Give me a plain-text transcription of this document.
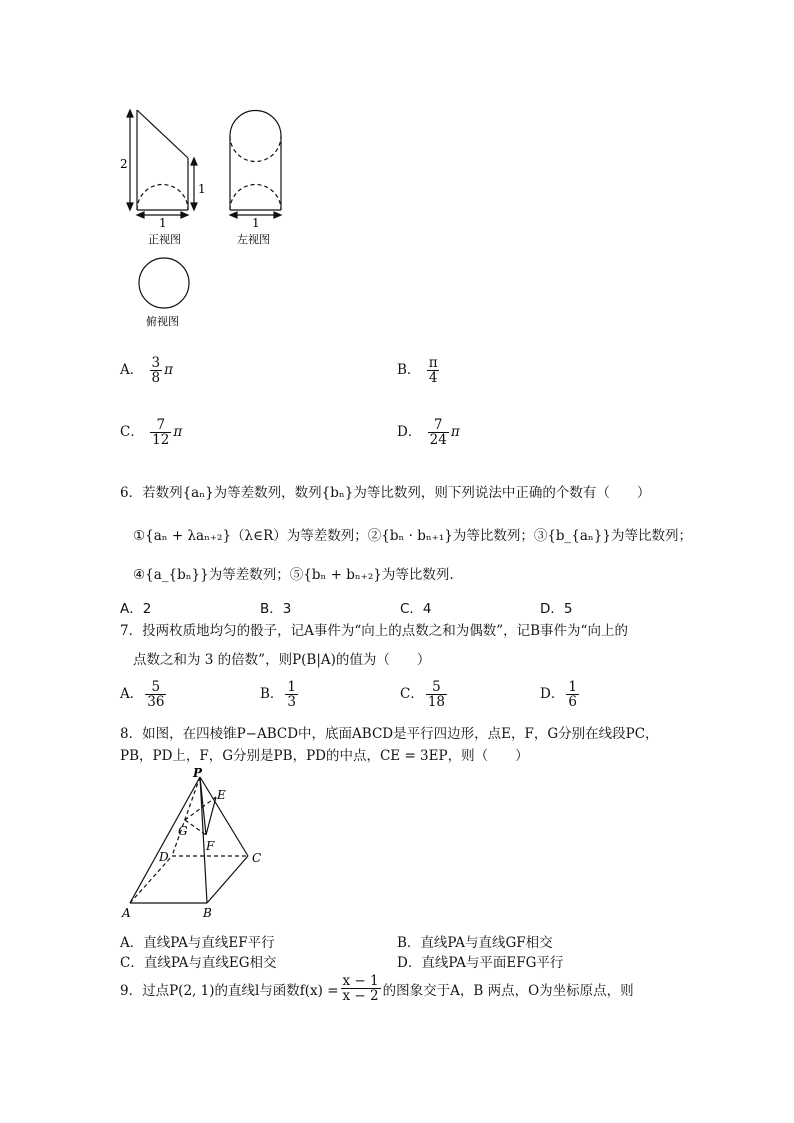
2
1
1
正视图
1
左视图
俯视图
A． $\frac{3}{8}$ π	B． $\frac{\pi}{4}$
C． $\frac{7}{12}$ π	D． $\frac{7}{24}$ π
6．若数列{aₙ}为等差数列，数列{bₙ}为等比数列，则下列说法中正确的个数有（　　）
①{aₙ + λaₙ₊₂}（λ∈R）为等差数列；②{bₙ · bₙ₊₁}为等比数列；③{b_{aₙ}}为等比数列；
④{a_{bₙ}}为等差数列；⑤{bₙ + bₙ₊₂}为等比数列.
A．2	B．3	C．4	D．5
7．投两枚质地均匀的骰子，记A事件为“向上的点数之和为偶数”，记B事件为“向上的
点数之和为 3 的倍数”，则P(B|A)的值为（　　）
A． $\frac{5}{36}$	B． $\frac{1}{3}$	C． $\frac{5}{18}$	D． $\frac{1}{6}$
8．如图，在四棱锥P−ABCD中，底面ABCD是平行四边形，点E，F，G分别在线段PC，
PB，PD上，F，G分别是PB，PD的中点，CE = 3EP，则（　　）
P
E
G
F
D	C
A	B
A．直线PA与直线EF平行	B．直线PA与直线GF相交
C．直线PA与直线EG相交	D．直线PA与平面EFG平行
9．过点P(2, 1)的直线l与函数$f(x) = \frac{x - 1}{x - 2}$ 的图象交于A，B 两点，O为坐标原点，则
